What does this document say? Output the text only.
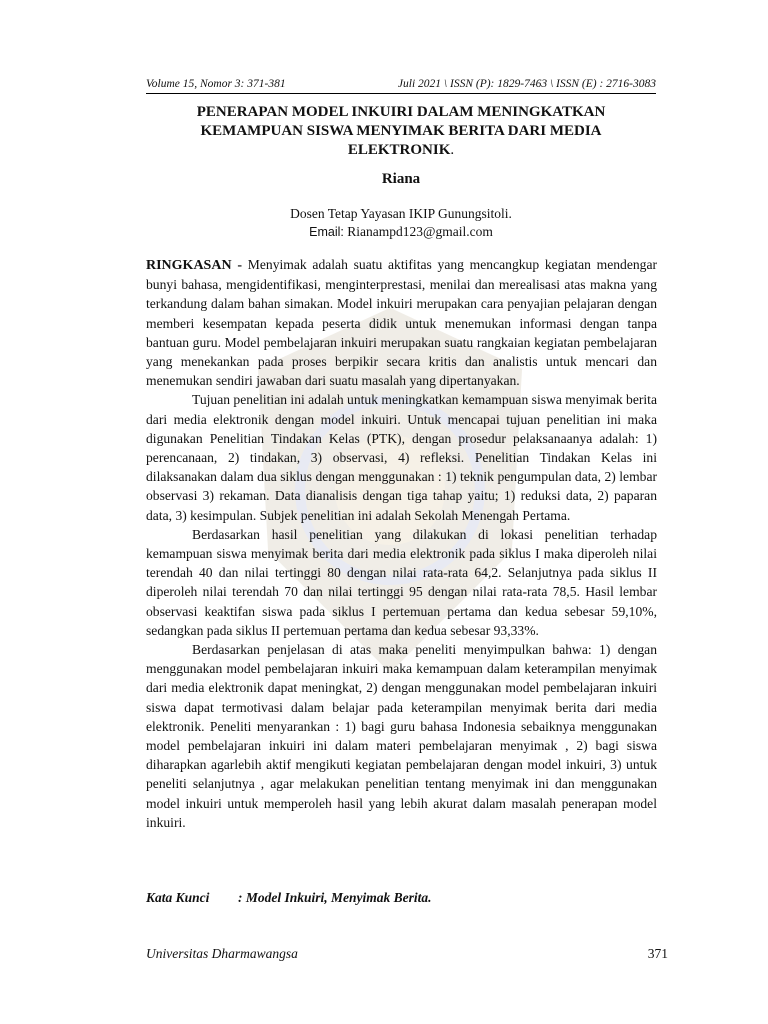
Volume 15, Nomor 3: 371-381	Juli 2021 \ ISSN (P): 1829-7463 \ ISSN (E) : 2716-3083
PENERAPAN MODEL INKUIRI DALAM MENINGKATKAN
KEMAMPUAN SISWA MENYIMAK BERITA DARI MEDIA
ELEKTRONIK.
Riana
Dosen Tetap Yayasan IKIP Gunungsitoli.
Email: Rianampd123@gmail.com

RINGKASAN - Menyimak adalah suatu aktifitas yang mencangkup kegiatan mendengar bunyi bahasa, mengidentifikasi, menginterprestasi, menilai dan merealisasi atas makna yang terkandung dalam bahan simakan. Model inkuiri merupakan cara penyajian pelajaran dengan memberi kesempatan kepada peserta didik untuk menemukan informasi dengan tanpa bantuan guru. Model pembelajaran inkuiri merupakan suatu rangkaian kegiatan pembelajaran yang menekankan pada proses berpikir secara kritis dan analistis untuk mencari dan menemukan sendiri jawaban dari suatu masalah yang dipertanyakan.

Tujuan penelitian ini adalah untuk meningkatkan kemampuan siswa menyimak berita dari media elektronik dengan model inkuiri. Untuk mencapai tujuan penelitian ini maka digunakan Penelitian Tindakan Kelas (PTK), dengan prosedur pelaksanaanya adalah: 1) perencanaan, 2) tindakan, 3) observasi, 4) refleksi. Penelitian Tindakan Kelas ini dilaksanakan dalam dua siklus dengan menggunakan : 1) teknik pengumpulan data, 2) lembar observasi 3) rekaman. Data dianalisis dengan tiga tahap yaitu; 1) reduksi data, 2) paparan data, 3) kesimpulan. Subjek penelitian ini adalah Sekolah Menengah Pertama.

Berdasarkan hasil penelitian yang dilakukan di lokasi penelitian terhadap kemampuan siswa menyimak berita dari media elektronik pada siklus I maka diperoleh nilai terendah 40 dan nilai tertinggi 80 dengan nilai rata-rata 64,2. Selanjutnya pada siklus II diperoleh nilai terendah 70 dan nilai tertinggi 95 dengan nilai rata-rata 78,5. Hasil lembar observasi keaktifan siswa pada siklus I pertemuan pertama dan kedua sebesar 59,10%, sedangkan pada siklus II pertemuan pertama dan kedua sebesar 93,33%.

Berdasarkan penjelasan di atas maka peneliti menyimpulkan bahwa: 1) dengan menggunakan model pembelajaran inkuiri maka kemampuan dalam keterampilan menyimak dari media elektronik dapat meningkat, 2) dengan menggunakan model pembelajaran inkuiri siswa dapat termotivasi dalam belajar pada keterampilan menyimak berita dari media elektronik. Peneliti menyarankan : 1) bagi guru bahasa Indonesia sebaiknya menggunakan model pembelajaran inkuiri ini dalam materi pembelajaran menyimak , 2) bagi siswa diharapkan agarlebih aktif mengikuti kegiatan pembelajaran dengan model inkuiri, 3) untuk peneliti selanjutnya , agar melakukan penelitian tentang menyimak ini dan menggunakan model inkuiri untuk memperoleh hasil yang lebih akurat dalam masalah penerapan model inkuiri.

Kata Kunci : Model Inkuiri, Menyimak Berita.
Universitas Dharmawangsa	371
